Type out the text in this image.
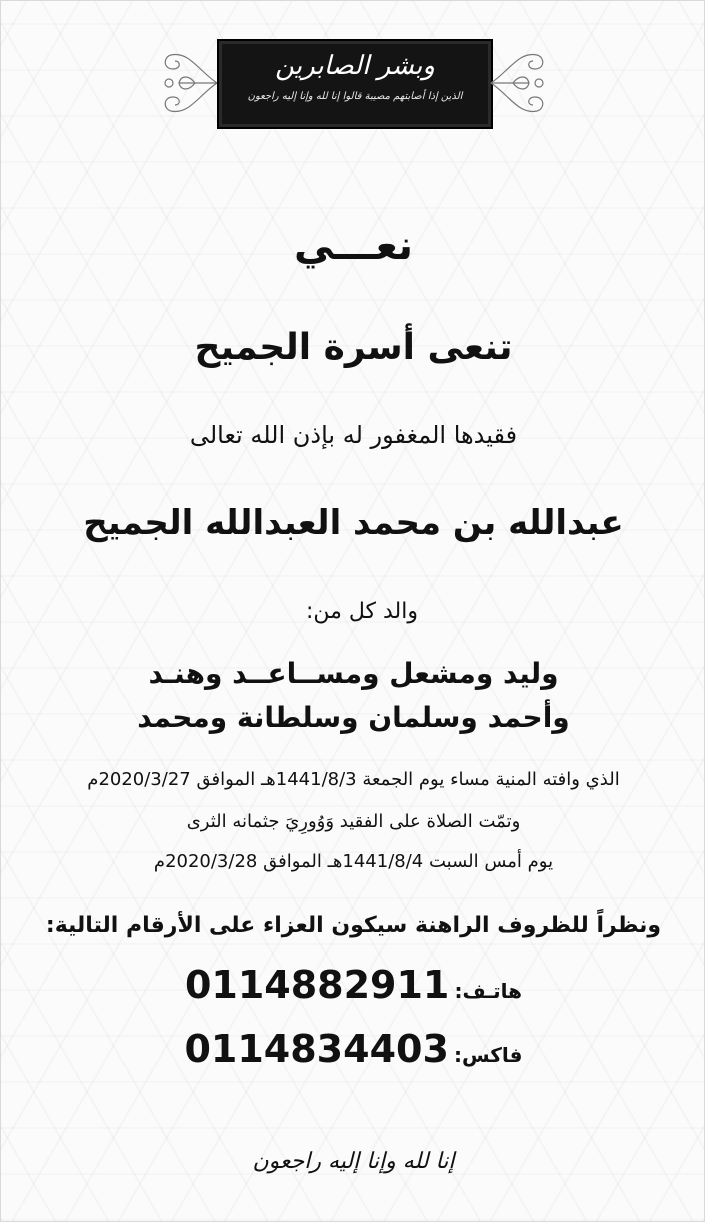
وبشر الصابرين
الذين إذا أصابتهم مصيبة قالوا إنا لله وإنا إليه راجعون
نعـــي
تنعى أسرة الجميح
فقيدها المغفور له بإذن الله تعالى
عبدالله بن محمد العبدالله الجميح
والد كل من:
وليد ومشعل ومســاعــد وهنـد
وأحمد وسلمان وسلطانة ومحمد
الذي وافته المنية مساء يوم الجمعة 1441/8/3هـ الموافق 2020/3/27م
وتمّت الصلاة على الفقيد وَوُورِيَ جثمانه الثرى
يوم أمس السبت 1441/8/4هـ الموافق 2020/3/28م
ونظراً للظروف الراهنة سيكون العزاء على الأرقام التالية:
هاتـف: 0114882911
فاكس: 0114834403
إنا لله وإنا إليه راجعون
